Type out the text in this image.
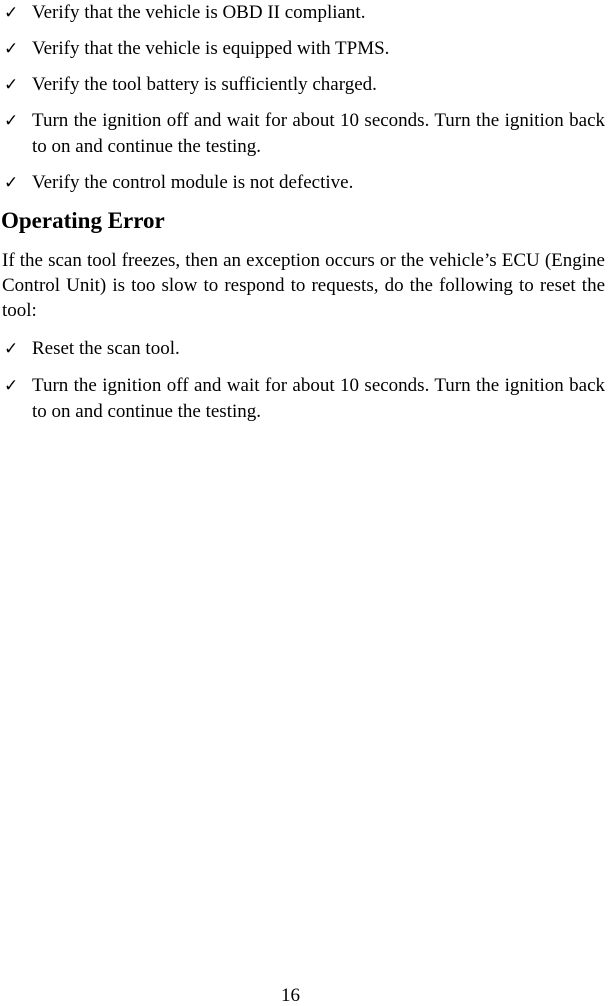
✓ Verify that the vehicle is OBD II compliant.
✓ Verify that the vehicle is equipped with TPMS.
✓ Verify the tool battery is sufficiently charged.
✓ Turn the ignition off and wait for about 10 seconds. Turn the ignition back to on and continue the testing.
✓ Verify the control module is not defective.
Operating Error

If the scan tool freezes, then an exception occurs or the vehicle’s ECU (Engine Control Unit) is too slow to respond to requests, do the following to reset the tool:

✓ Reset the scan tool.
✓ Turn the ignition off and wait for about 10 seconds. Turn the ignition back to on and continue the testing.

16
